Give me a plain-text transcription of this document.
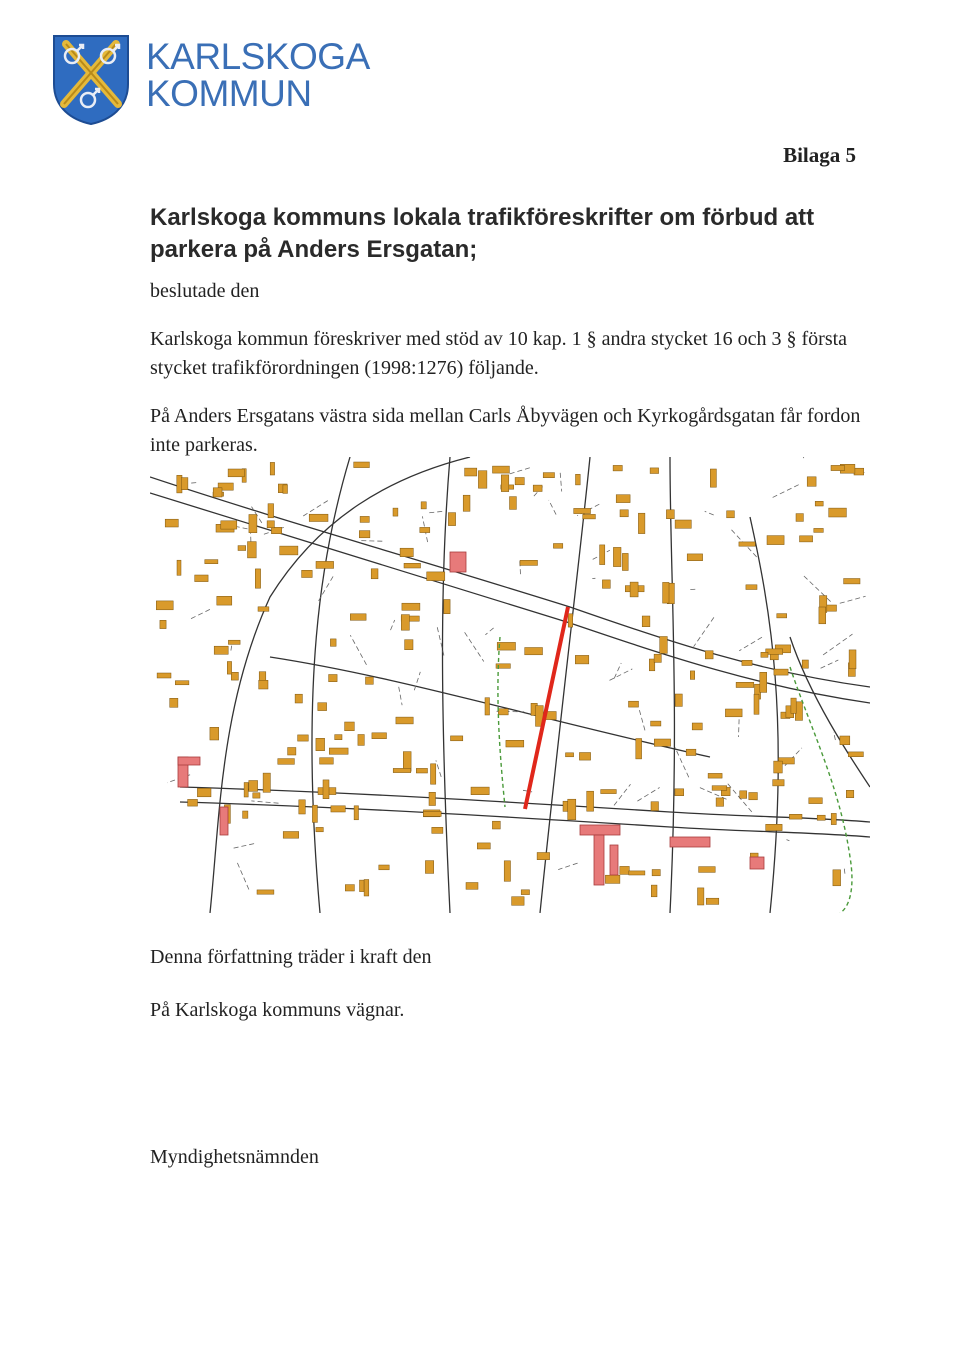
KARLSKOGA
KOMMUN
Bilaga 5
Karlskoga kommuns lokala trafikföreskrifter om förbud att parkera på Anders Ersgatan;
beslutade den
Karlskoga kommun föreskriver med stöd av 10 kap. 1 § andra stycket 16 och 3 § första stycket trafikförordningen (1998:1276) följande.
På Anders Ersgatans västra sida mellan Carls Åbyvägen och Kyrkogårdsgatan får fordon inte parkeras.
Denna författning träder i kraft den
På Karlskoga kommuns vägnar.
Myndighetsnämnden
